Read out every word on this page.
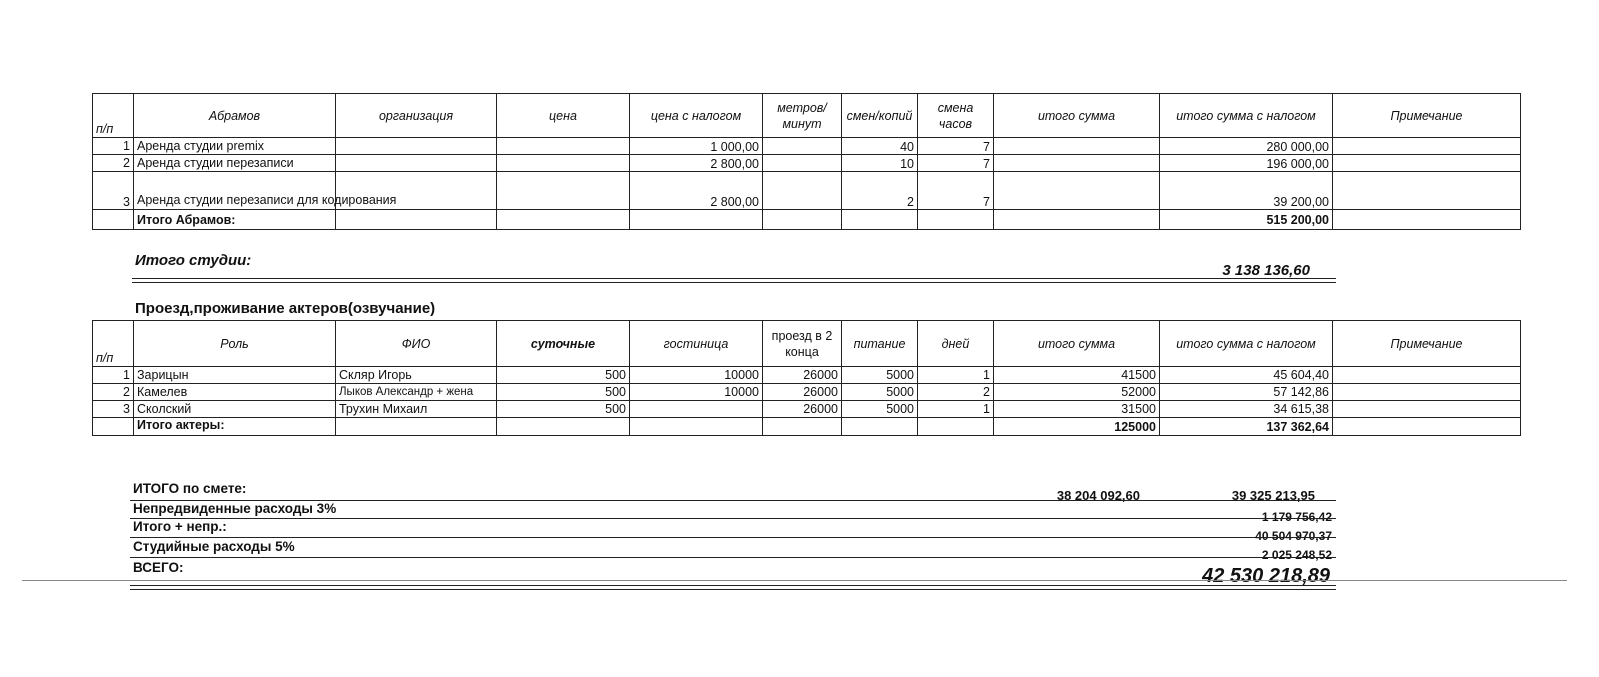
п/п	Абрамов	организация	цена	цена с налогом	метров/минут	смен/копий	смена часов	итого сумма	итого сумма с налогом	Примечание
1	Аренда студии premix			1 000,00		40	7		280 000,00	
2	Аренда студии перезаписи			2 800,00		10	7		196 000,00	
3	Аренда студии перезаписи для кодирования			2 800,00		2	7		39 200,00	
	Итого Абрамов:								515 200,00	
Итого студии:
3 138 136,60
Проезд,проживание актеров(озвучание)
п/п	Роль	ФИО	суточные	гостиница	проезд в 2 конца	питание	дней	итого сумма	итого сумма с налогом	Примечание
1	Зарицын	Скляр Игорь	500	10000	26000	5000	1	41500	45 604,40	
2	Камелев	Лыков Александр + жена	500	10000	26000	5000	2	52000	57 142,86	
3	Сколский	Трухин Михаил	500		26000	5000	1	31500	34 615,38	
	Итого актеры:							125000	137 362,64	
ИТОГО по смете:	38 204 092,60	39 325 213,95
Непредвиденные расходы 3%
1 179 756,42
Итого + непр.:
40 504 970,37
Студийные расходы 5%
2 025 248,52
ВСЕГО:	42 530 218,89
